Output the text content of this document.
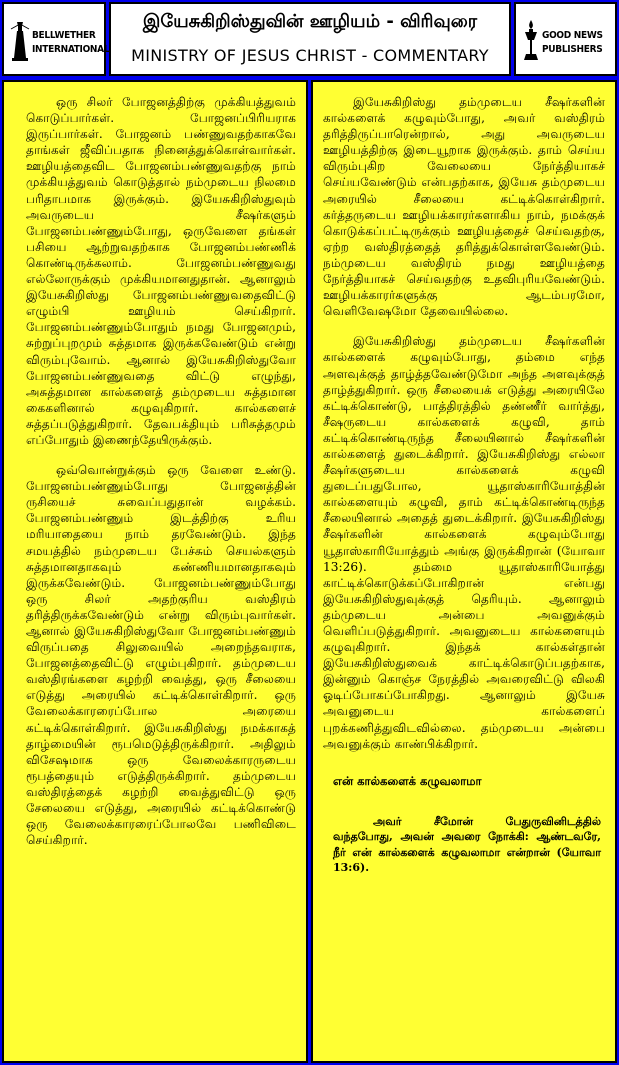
BELLWETHER
INTERNATIONAL
இயேசுகிறிஸ்துவின் ஊழியம் - விரிவுரை
MINISTRY OF JESUS CHRIST - COMMENTARY
GOOD NEWS
PUBLISHERS

ஒரு சிலர் போஜனத்திற்கு முக்கியத்துவம் கொடுப்பார்கள். போஜனப்பிரியராக இருப்பார்கள். போஜனம் பண்ணுவதற்காகவே தாங்கள் ஜீவிப்பதாக நினைத்துக்கொள்வார்கள். ஊழியத்தைவிட போஜனம்பண்ணுவதற்கு நாம் முக்கியத்துவம் கொடுத்தால் நம்முடைய நிலமை பரிதாபமாக இருக்கும். இயேசுகிறிஸ்துவும் அவருடைய சீஷர்களும் போஜனம்பண்ணும்போது, ஒருவேளை தங்கள் பசியை ஆற்றுவதற்காக போஜனம்பண்ணிக் கொண்டிருக்கலாம். போஜனம்பண்ணுவது எல்லோருக்கும் முக்கியமானதுதான். ஆனாலும் இயேசுகிறிஸ்து போஜனம்பண்ணுவதைவிட்டு எழும்பி ஊழியம் செய்கிறார். போஜனம்பண்ணும்போதும் நமது போஜனமும், சுற்றுப்புறமும் சுத்தமாக இருக்கவேண்டும் என்று விரும்புவோம். ஆனால் இயேசுகிறிஸ்துவோ போஜனம்பண்ணுவதை விட்டு எழுந்து, அசுத்தமான கால்களைத் தம்முடைய சுத்தமான கைகளினால் கழுவுகிறார். கால்களைச் சுத்தப்படுத்துகிறார். தேவபக்தியும் பரிசுத்தமும் எப்போதும் இணைந்தேயிருக்கும்.

ஒவ்வொன்றுக்கும் ஒரு வேளை உண்டு. போஜனம்பண்ணும்போது போஜனத்தின் ருசியைச் சுவைப்பதுதான் வழக்கம். போஜனம்பண்ணும் இடத்திற்கு உரிய மரியாதையை நாம் தரவேண்டும். இந்த சமயத்தில் நம்முடைய பேச்சும் செயல்களும் சுத்தமானதாகவும் கண்ணியமானதாகவும் இருக்கவேண்டும். போஜனம்பண்ணும்போது ஒரு சிலர் அதற்குரிய வஸ்திரம் தரித்திருக்கவேண்டும் என்று விரும்புவார்கள். ஆனால் இயேசுகிறிஸ்துவோ போஜனம்பண்ணும் விருப்பதை சிலுவையில் அறைந்தவராக, போஜனத்தைவிட்டு எழும்புகிறார். தம்முடைய வஸ்திரங்களை கழற்றி வைத்து, ஒரு சீலையை எடுத்து அரையில் கட்டிக்கொள்கிறார். ஒரு வேலைக்காரரைப்போல அரையை கட்டிக்கொள்கிறார். இயேசுகிறிஸ்து நமக்காகத் தாழ்மையின் ரூபமெடுத்திருக்கிறார். அதிலும் விசேஷமாக ஒரு வேலைக்காரருடைய ரூபத்தையும் எடுத்திருக்கிறார். தம்முடைய வஸ்திரத்தைக் கழற்றி வைத்துவிட்டு ஒரு சேலையை எடுத்து, அரையில் கட்டிக்கொண்டு ஒரு வேலைக்காரரைப்போலவே பணிவிடை செய்கிறார்.

இயேசுகிறிஸ்து தம்முடைய சீஷர்களின் கால்களைக் கழுவும்போது, அவர் வஸ்திரம் தரித்திருப்பாரென்றால், அது அவருடைய ஊழியத்திற்கு இடையூறாக இருக்கும். தாம் செய்ய விரும்புகிற வேலையை நேர்த்தியாகச் செய்யவேண்டும் என்பதற்காக, இயேசு தம்முடைய அரையில் சீலையை கட்டிக்கொள்கிறார். கர்த்தருடைய ஊழியக்காரர்களாகிய நாம், நமக்குக் கொடுக்கப்பட்டிருக்கும் ஊழியத்தைச் செய்வதற்கு, ஏற்ற வஸ்திரத்தைத் தரித்துக்கொள்ளவேண்டும். நம்முடைய வஸ்திரம் நமது ஊழியத்தை நேர்த்தியாகச் செய்வதற்கு உதவிபுரியவேண்டும். ஊழியக்காரர்களுக்கு ஆடம்பரமோ, வெளிவேஷமோ தேவையில்லை.

இயேசுகிறிஸ்து தம்முடைய சீஷர்களின் கால்களைக் கழுவும்போது, தம்மை எந்த அளவுக்குத் தாழ்த்தவேண்டுமோ அந்த அளவுக்குத் தாழ்த்துகிறார். ஒரு சீலையைக் எடுத்து அரையிலே கட்டிக்கொண்டு, பாத்திரத்தில் தண்ணீர் வார்த்து, சீஷருடைய கால்களைக் கழுவி, தாம் கட்டிக்கொண்டிருந்த சீலையினால் சீஷர்களின் கால்களைத் துடைக்கிறார். இயேசுகிறிஸ்து எல்லா சீஷர்களுடைய கால்களைக் கழுவி துடைப்பதுபோல, யூதாஸ்காரியோத்தின் கால்களையும் கழுவி, தாம் கட்டிக்கொண்டிருந்த சீலையினால் அதைத் துடைக்கிறார். இயேசுகிறிஸ்து சீஷர்களின் கால்களைக் கழுவும்போது யூதாஸ்காரியோத்தும் அங்கு இருக்கிறான் (யோவா 13:26). தம்மை யூதாஸ்காரியோத்து காட்டிக்கொடுக்கப்போகிறான் என்பது இயேசுகிறிஸ்துவுக்குத் தெரியும். ஆனாலும் தம்முடைய அன்பை அவனுக்கும் வெளிப்படுத்துகிறார். அவனுடைய கால்களையும் கழுவுகிறார். இந்தக் கால்கள்தான் இயேசுகிறிஸ்துவைக் காட்டிக்கொடுப்பதற்காக, இன்னும் கொஞ்ச நேரத்தில் அவரைவிட்டு விலகி ஓடிப்போகப்போகிறது. ஆனாலும் இயேசு அவனுடைய கால்களைப் புறக்கணித்துவிடவில்லை. தம்முடைய அன்பை அவனுக்கும் காண்பிக்கிறார்.

என் கால்களைக் கழுவலாமா

அவர் சீமோன் பேதுருவினிடத்தில் வந்தபோது, அவன் அவரை நோக்கி: ஆண்டவரே, நீர் என் கால்களைக் கழுவலாமா என்றான் (யோவா 13:6).
